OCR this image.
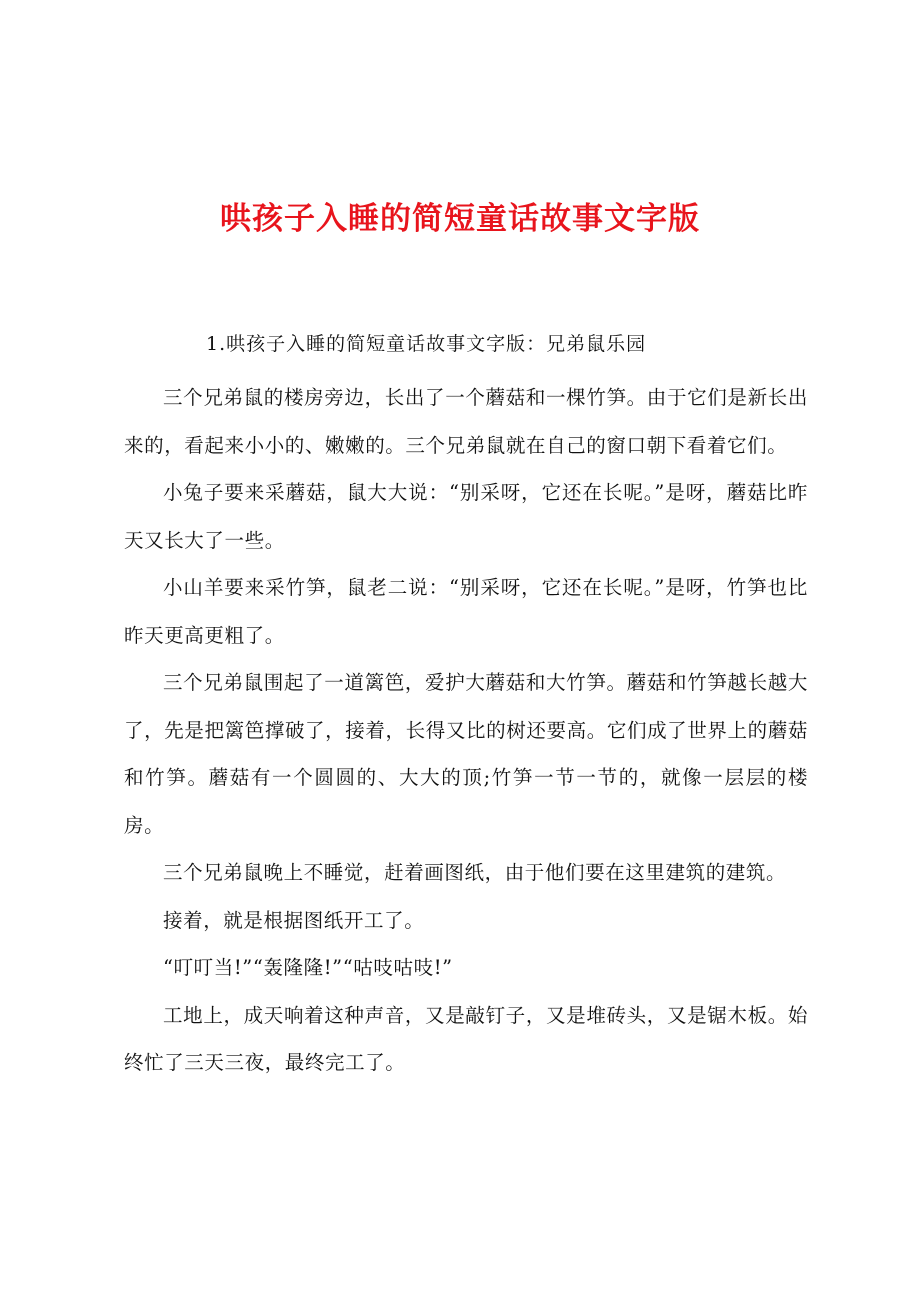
哄孩子入睡的简短童话故事文字版

1.哄孩子入睡的简短童话故事文字版：兄弟鼠乐园

三个兄弟鼠的楼房旁边，长出了一个蘑菇和一棵竹笋。由于它们是新长出来的，看起来小小的、嫩嫩的。三个兄弟鼠就在自己的窗口朝下看着它们。

小兔子要来采蘑菇，鼠大大说：“别采呀，它还在长呢。”是呀，蘑菇比昨天又长大了一些。

小山羊要来采竹笋，鼠老二说：“别采呀，它还在长呢。”是呀，竹笋也比昨天更高更粗了。

三个兄弟鼠围起了一道篱笆，爱护大蘑菇和大竹笋。蘑菇和竹笋越长越大了，先是把篱笆撑破了，接着，长得又比的树还要高。它们成了世界上的蘑菇和竹笋。蘑菇有一个圆圆的、大大的顶;竹笋一节一节的，就像一层层的楼房。

三个兄弟鼠晚上不睡觉，赶着画图纸，由于他们要在这里建筑的建筑。

接着，就是根据图纸开工了。

“叮叮当!”“轰隆隆!”“咕吱咕吱!”

工地上，成天响着这种声音，又是敲钉子，又是堆砖头，又是锯木板。始终忙了三天三夜，最终完工了。
